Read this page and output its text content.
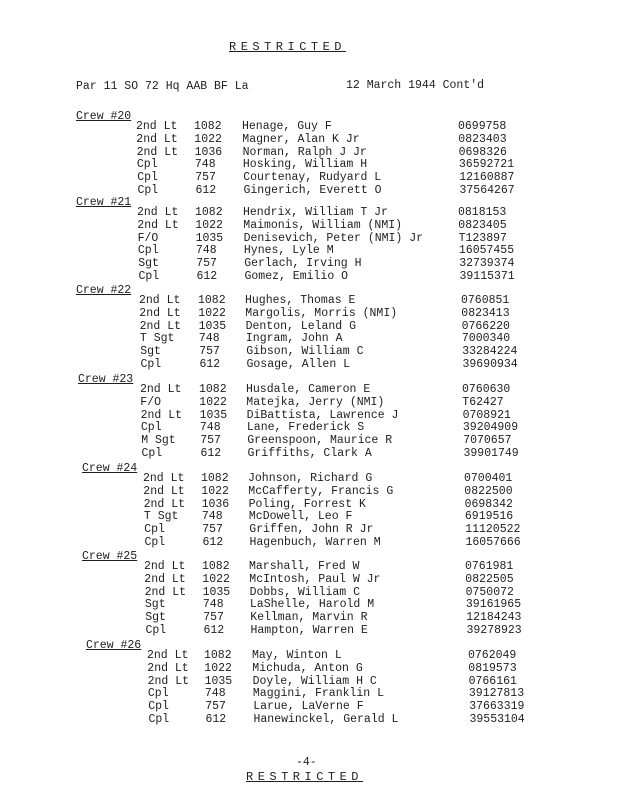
RESTRICTED
Par 11 SO 72 Hq AAB BF La	12 March 1944 Cont'd
Crew #20
2nd Lt 1082 Henage, Guy F	0699758
2nd Lt 1022 Magner, Alan K Jr	0823403
2nd Lt 1036 Norman, Ralph J Jr	0698326
Cpl	748 Hosking, William H	36592721
Cpl	757 Courtenay, Rudyard L	12160887
Cpl	612 Gingerich, Everett O	37564267
Crew #21
2nd Lt 1082 Hendrix, William T Jr	0818153
2nd Lt 1022 Maimonis, William (NMI)	0823405
F/O	1035 Denisevich, Peter (NMI) Jr	T123897
Cpl	748 Hynes, Lyle M	16057455
Sgt	757 Gerlach, Irving H	32739374
Cpl	612 Gomez, Emilio O	39115371
Crew #22
2nd Lt 1082 Hughes, Thomas E	0760851
2nd Lt 1022 Margolis, Morris (NMI)	0823413
2nd Lt 1035 Denton, Leland G	0766220
T Sgt 748 Ingram, John A	7000340
Sgt	757 Gibson, William C	33284224
Cpl	612 Gosage, Allen L	39690934
Crew #23
2nd Lt 1082 Husdale, Cameron E	0760630
F/O	1022 Matejka, Jerry (NMI)	T62427
2nd Lt 1035 DiBattista, Lawrence J	0708921
Cpl	748 Lane, Frederick S	39204909
M Sgt 757 Greenspoon, Maurice R	7070657
Cpl	612 Griffiths, Clark A	39901749
Crew #24
2nd Lt 1082 Johnson, Richard G	0700401
2nd Lt 1022 McCafferty, Francis G	0822500
2nd Lt 1036 Poling, Forrest K	0698342
T Sgt 748 McDowell, Leo F	6919516
Cpl	757 Griffen, John R Jr	11120522
Cpl	612 Hagenbuch, Warren M	16057666
Crew #25
2nd Lt 1082 Marshall, Fred W	0761981
2nd Lt 1022 McIntosh, Paul W Jr	0822505
2nd Lt 1035 Dobbs, William C	0750072
Sgt	748 LaShelle, Harold M	39161965
Sgt	757 Kellman, Marvin R	12184243
Cpl	612 Hampton, Warren E	39278923
Crew #26
2nd Lt 1082 May, Winton L	0762049
2nd Lt 1022 Michuda, Anton G	0819573
2nd Lt 1035 Doyle, William H C	0766161
Cpl	748 Maggini, Franklin L	39127813
Cpl	757 Larue, LaVerne F	37663319
Cpl	612 Hanewinckel, Gerald L	39553104
-4-
RESTRICTED
